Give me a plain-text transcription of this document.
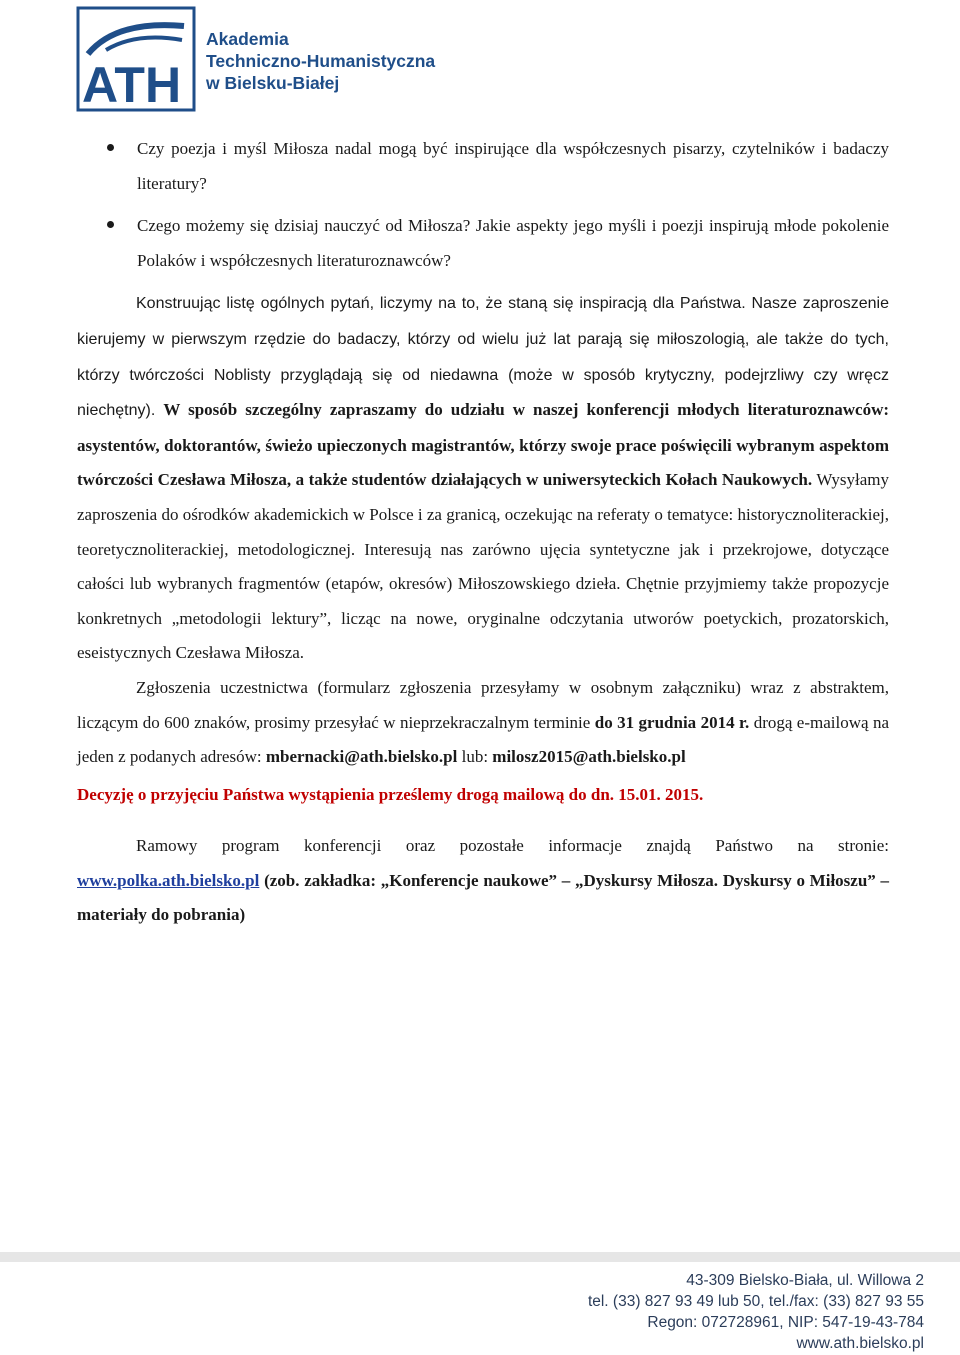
ATH
Akademia
Techniczno-Humanistyczna
w Bielsku-Białej
Czy poezja i myśl Miłosza nadal mogą być inspirujące dla współczesnych pisarzy, czytelników i badaczy literatury?
Czego możemy się dzisiaj nauczyć od Miłosza? Jakie aspekty jego myśli i poezji inspirują młode pokolenie Polaków i współczesnych literaturoznawców?

Konstruując listę ogólnych pytań, liczymy na to, że staną się inspiracją dla Państwa. Nasze zaproszenie kierujemy w pierwszym rzędzie do badaczy, którzy od wielu już lat parają się miłoszologią, ale także do tych, którzy twórczości Noblisty przyglądają się od niedawna (może w sposób krytyczny, podejrzliwy czy wręcz niechętny). W sposób szczególny zapraszamy do udziału w naszej konferencji młodych literaturoznawców: asystentów, doktorantów, świeżo upieczonych magistrantów, którzy swoje prace poświęcili wybranym aspektom twórczości Czesława Miłosza, a także studentów działających w uniwersyteckich Kołach Naukowych. Wysyłamy zaproszenia do ośrodków akademickich w Polsce i za granicą, oczekując na referaty o tematyce: historycznoliterackiej, teoretycznoliterackiej, metodologicznej. Interesują nas zarówno ujęcia syntetyczne jak i przekrojowe, dotyczące całości lub wybranych fragmentów (etapów, okresów) Miłoszowskiego dzieła. Chętnie przyjmiemy także propozycje konkretnych „metodologii lektury”, licząc na nowe, oryginalne odczytania utworów poetyckich, prozatorskich, eseistycznych Czesława Miłosza.

Zgłoszenia uczestnictwa (formularz zgłoszenia przesyłamy w osobnym załączniku) wraz z abstraktem, liczącym do 600 znaków, prosimy przesyłać w nieprzekraczalnym terminie do 31 grudnia 2014 r. drogą e-mailową na jeden z podanych adresów: mbernacki@ath.bielsko.pl lub: milosz2015@ath.bielsko.pl

Decyzję o przyjęciu Państwa wystąpienia prześlemy drogą mailową do dn. 15.01. 2015.

Ramowy program konferencji oraz pozostałe informacje znajdą Państwo na stronie: www.polka.ath.bielsko.pl (zob. zakładka: „Konferencje naukowe” – „Dyskursy Miłosza. Dyskursy o Miłoszu” – materiały do pobrania)

43-309 Bielsko-Biała, ul. Willowa 2
tel. (33) 827 93 49 lub 50, tel./fax: (33) 827 93 55
Regon: 072728961, NIP: 547-19-43-784
www.ath.bielsko.pl
